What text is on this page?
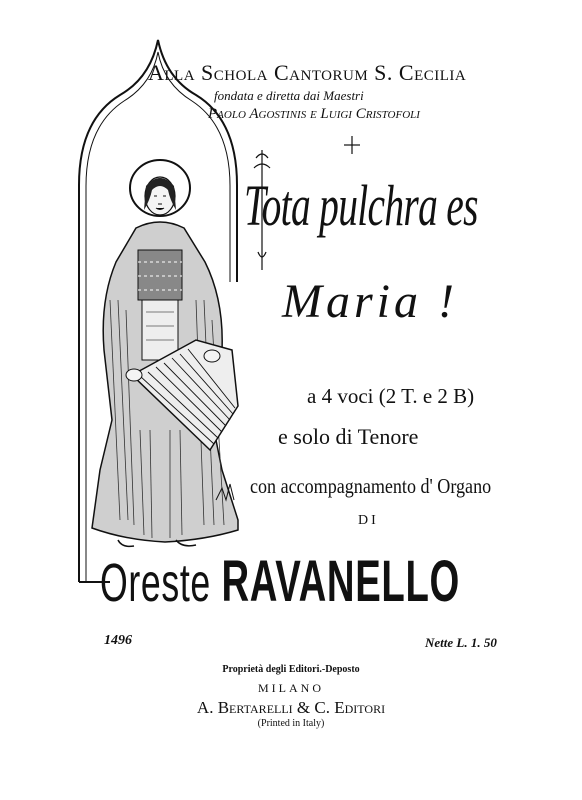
Alla Schola Cantorum S. Cecilia
fondata e diretta dai Maestri
Paolo Agostinis e Luigi Cristofoli
Tota pulchra es
Maria !
a 4 voci (2 T. e 2 B)
e solo di Tenore
con accompagnamento d' Organo
DI
Oreste RAVANELLO
1496	Nette L. 1. 50
Proprietà degli Editori.-Deposto
MILANO
A. Bertarelli & C. Editori
(Printed in Italy)
